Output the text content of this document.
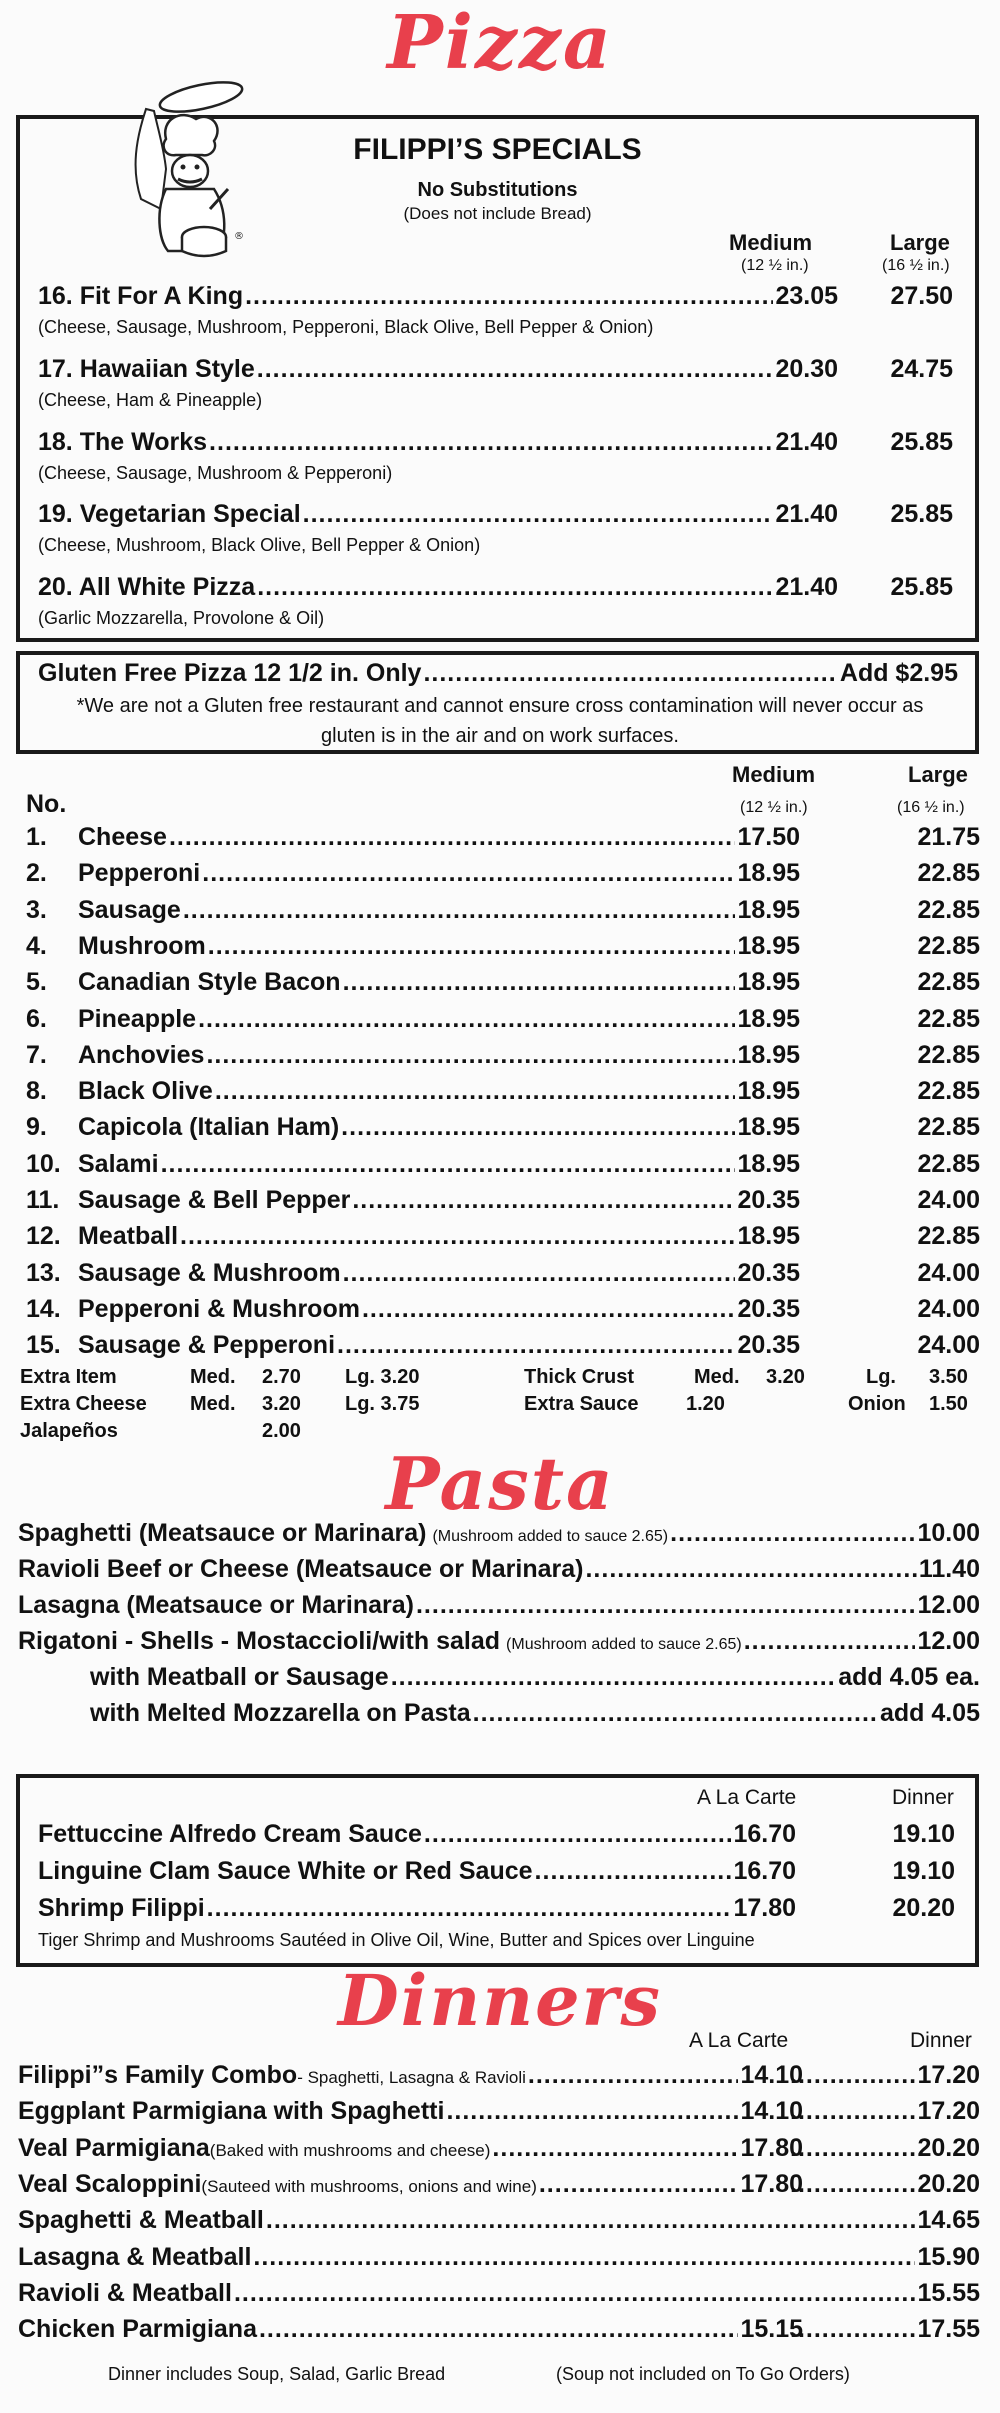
Pizza
®
FILIPPI’S SPECIALS
No Substitutions
(Does not include Bread)
Medium	Large
(12 ½ in.)	(16 ½ in.)
16. Fit For A King .....	23.05 27.50
(Cheese, Sausage, Mushroom, Pepperoni, Black Olive, Bell Pepper & Onion)
17. Hawaiian Style .....	20.30 24.75
(Cheese, Ham & Pineapple)
18. The Works .....	21.40 25.85
(Cheese, Sausage, Mushroom & Pepperoni)
19. Vegetarian Special .....	21.40 25.85
(Cheese, Mushroom, Black Olive, Bell Pepper & Onion)
20. All White Pizza .....	21.40 25.85
(Garlic Mozzarella, Provolone & Oil)
Gluten Free Pizza 12 1/2 in. Only .....	Add $2.95
*We are not a Gluten free restaurant and cannot ensure cross contamination will never occur as gluten is in the air and on work surfaces.
Medium	Large
(12 ½ in.)	(16 ½ in.)
No.
1.	Cheese .....	17.50	21.75
2.	Pepperoni .....	18.95	22.85
3.	Sausage .....	18.95	22.85
4.	Mushroom .....	18.95	22.85
5.	Canadian Style Bacon .....	18.95	22.85
6.	Pineapple .....	18.95	22.85
7.	Anchovies .....	18.95	22.85
8.	Black Olive .....	18.95	22.85
9.	Capicola (Italian Ham) .....	18.95	22.85
10. Salami .....	18.95	22.85
11. Sausage & Bell Pepper .....	20.35	24.00
12. Meatball .....	18.95	22.85
13. Sausage & Mushroom .....	20.35	24.00
14. Pepperoni & Mushroom .....	20.35	24.00
15. Sausage & Pepperoni .....	20.35	24.00
Extra Item	Med. 2.70 Lg. 3.20	Thick Crust	Med. 3.20	Lg. 3.50
Extra Cheese Med. 3.20 Lg. 3.75	Extra Sauce 1.20	Onion 1.50
Jalapeños	2.00
Pasta
Spaghetti (Meatsauce or Marinara) (Mushroom added to sauce 2.65) .....	10.00
Ravioli Beef or Cheese (Meatsauce or Marinara) .....	11.40
Lasagna (Meatsauce or Marinara) .....	12.00
Rigatoni - Shells - Mostaccioli/with salad (Mushroom added to sauce 2.65) .....	12.00
with Meatball or Sausage .....	add 4.05 ea.
with Melted Mozzarella on Pasta .....	add 4.05
A La Carte	Dinner
Fettuccine Alfredo Cream Sauce .....	16.70	19.10
Linguine Clam Sauce White or Red Sauce .....	16.70	19.10
Shrimp Filippi .....	17.80	20.20
Tiger Shrimp and Mushrooms Sautéed in Olive Oil, Wine, Butter and Spices over Linguine
Dinners	A La Carte	Dinner
Filippi”s Family Combo - Spaghetti, Lasagna & Ravioli .....	14.10 .....	17.20
Eggplant Parmigiana with Spaghetti .....	14.10 .....	17.20
Veal Parmigiana (Baked with mushrooms and cheese) .....	17.80 .....	20.20
Veal Scaloppini (Sauteed with mushrooms, onions and wine) .....	17.80 .....	20.20
Spaghetti & Meatball .....	14.65
Lasagna & Meatball .....	15.90
Ravioli & Meatball .....	15.55
Chicken Parmigiana .....	15.15 .....	17.55
Dinner includes Soup, Salad, Garlic Bread	(Soup not included on To Go Orders)
